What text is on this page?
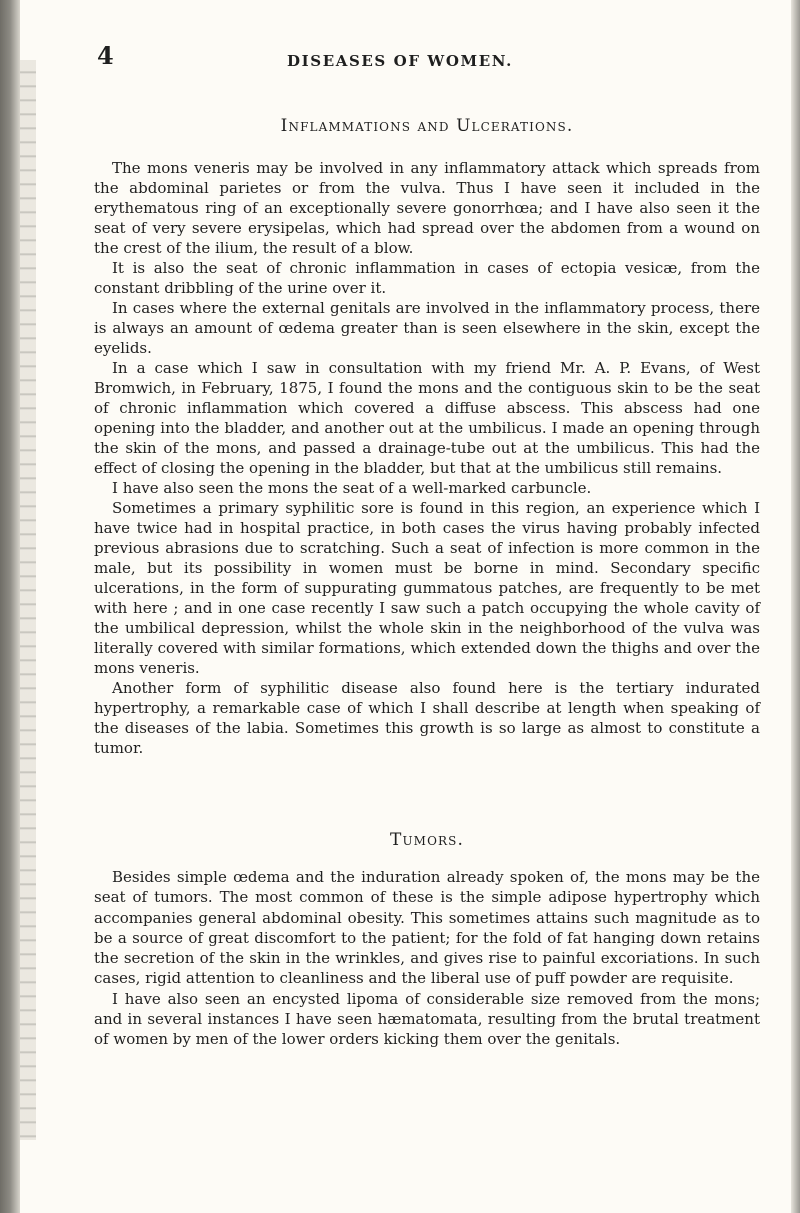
4	DISEASES OF WOMEN.
Inflammations and Ulcerations.

The mons veneris may be involved in any inflammatory attack which spreads from the abdominal parietes or from the vulva. Thus I have seen it included in the erythematous ring of an exceptionally severe gonorrhœa; and I have also seen it the seat of very severe erysipelas, which had spread over the abdomen from a wound on the crest of the ilium, the result of a blow.

It is also the seat of chronic inflammation in cases of ectopia vesicæ, from the constant dribbling of the urine over it.

In cases where the external genitals are involved in the inflammatory process, there is always an amount of œdema greater than is seen elsewhere in the skin, except the eyelids.

In a case which I saw in consultation with my friend Mr. A. P. Evans, of West Bromwich, in February, 1875, I found the mons and the contiguous skin to be the seat of chronic inflammation which covered a diffuse abscess. This abscess had one opening into the bladder, and another out at the umbilicus. I made an opening through the skin of the mons, and passed a drainage-tube out at the umbilicus. This had the effect of closing the opening in the bladder, but that at the umbilicus still remains.

I have also seen the mons the seat of a well-marked carbuncle.

Sometimes a primary syphilitic sore is found in this region, an experience which I have twice had in hospital practice, in both cases the virus having probably infected previous abrasions due to scratching. Such a seat of infection is more common in the male, but its possibility in women must be borne in mind. Secondary specific ulcerations, in the form of suppurating gummatous patches, are frequently to be met with here ; and in one case recently I saw such a patch occupying the whole cavity of the umbilical depression, whilst the whole skin in the neighborhood of the vulva was literally covered with similar formations, which extended down the thighs and over the mons veneris.

Another form of syphilitic disease also found here is the tertiary indurated hypertrophy, a remarkable case of which I shall describe at length when speaking of the diseases of the labia. Sometimes this growth is so large as almost to constitute a tumor.

Tumors.

Besides simple œdema and the induration already spoken of, the mons may be the seat of tumors. The most common of these is the simple adipose hypertrophy which accompanies general abdominal obesity. This sometimes attains such magnitude as to be a source of great discomfort to the patient; for the fold of fat hanging down retains the secretion of the skin in the wrinkles, and gives rise to painful excoriations. In such cases, rigid attention to cleanliness and the liberal use of puff powder are requisite.

I have also seen an encysted lipoma of considerable size removed from the mons; and in several instances I have seen hæmatomata, resulting from the brutal treatment of women by men of the lower orders kicking them over the genitals.
